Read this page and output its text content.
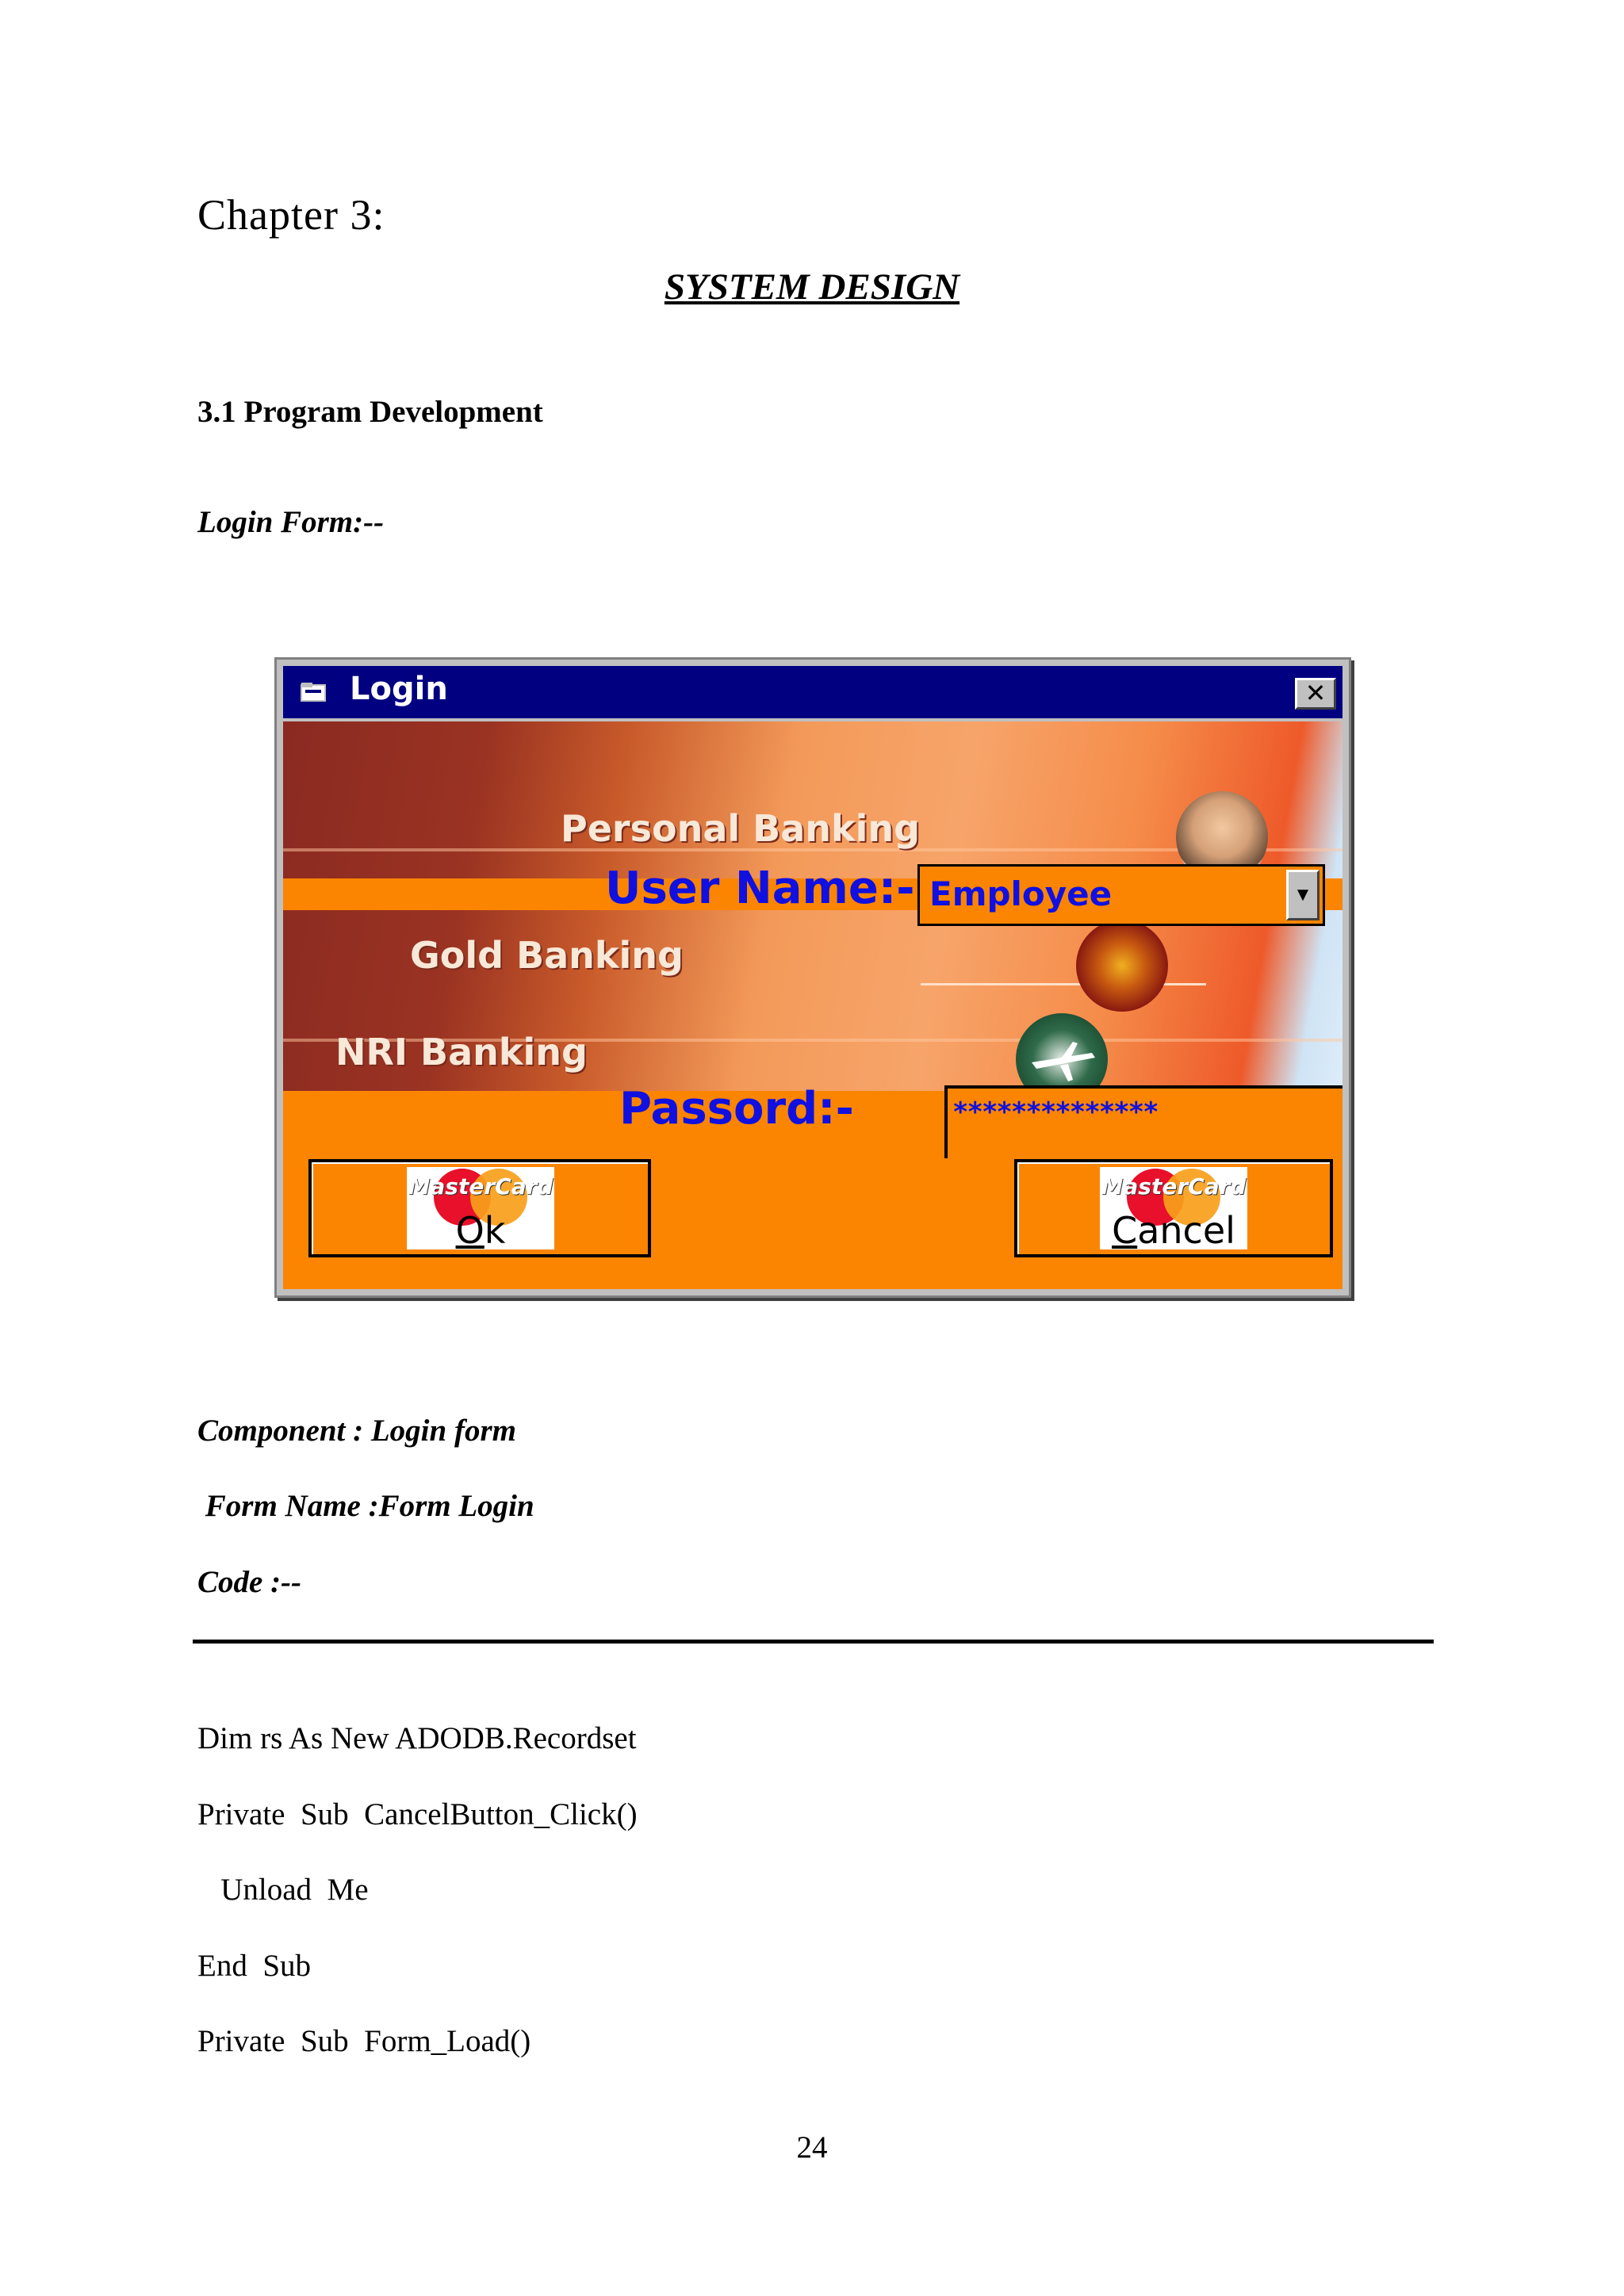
Chapter 3:
SYSTEM DESIGN
3.1 Program Development
Login Form:--
Login	✕
Personal Banking
Gold Banking
NRI Banking
User Name:- Employee	▼
Passord:-	**************
MasterCard
Ok
MasterCard
Cancel
Component : Login form
Form Name :Form Login
Code :--
Dim rs As New ADODB.Recordset
Private  Sub  CancelButton_Click()
Unload  Me
End  Sub
Private  Sub  Form_Load()
24
